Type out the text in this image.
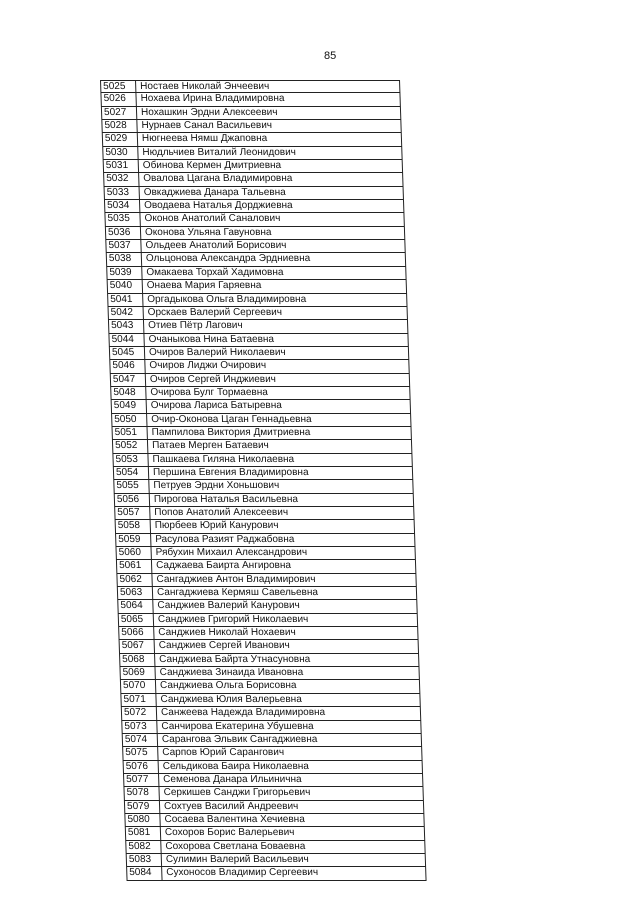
85
5025	Ностаев Николай Энчеевич
5026	Нохаева Ирина Владимировна
5027	Нохашкин Эрдни Алексеевич
5028	Нурнаев Санал Васильевич
5029	Нюгнеева Нямш Джаповна
5030	Нюдльчиев Виталий Леонидович
5031	Обинова Кермен Дмитриевна
5032	Овалова Цагана Владимировна
5033	Овкаджиева Данара Тальевна
5034	Оводаева Наталья Дорджиевна
5035	Оконов Анатолий Саналович
5036	Оконова Ульяна Гавуновна
5037	Ольдеев Анатолий Борисович
5038	Ольцонова Александра Эрдниевна
5039	Омакаева Торхай Хадимовна
5040	Онаева Мария Гаряевна
5041	Оргадыкова Ольга Владимировна
5042	Орскаев Валерий Сергеевич
5043	Отиев Пётр Лагович
5044	Очаныкова Нина Батаевна
5045	Очиров Валерий Николаевич
5046	Очиров Лиджи Очирович
5047	Очиров Сергей Инджиевич
5048	Очирова Булг Тормаевна
5049	Очирова Лариса Батыревна
5050	Очир-Оконова Цаган Геннадьевна
5051	Пампилова Виктория Дмитриевна
5052	Патаев Мерген Батаевич
5053	Пашкаева Гиляна Николаевна
5054	Першина Евгения Владимировна
5055	Петруев Эрдни Хоньшович
5056	Пирогова Наталья Васильевна
5057	Попов Анатолий Алексеевич
5058	Пюрбеев Юрий Канурович
5059	Расулова Разият Раджабовна
5060	Рябухин Михаил Александрович
5061	Саджаева Баирта Ангировна
5062	Сангаджиев Антон Владимирович
5063	Сангаджиева Кермяш Савельевна
5064	Санджиев Валерий Канурович
5065	Санджиев Григорий Николаевич
5066	Санджиев Николай Нохаевич
5067	Санджиев Сергей Иванович
5068	Санджиева Байрта Утнасуновна
5069	Санджиева Зинаида Ивановна
5070	Санджиева Ольга Борисовна
5071	Санджиева Юлия Валерьевна
5072	Санжеева Надежда Владимировна
5073	Санчирова Екатерина Убушевна
5074	Сарангова Эльвик Сангаджиевна
5075	Сарпов Юрий Сарангович
5076	Сельдикова Баира Николаевна
5077	Семенова Данара Ильинична
5078	Серкишев Санджи Григорьевич
5079	Сохтуев Василий Андреевич
5080	Сосаева Валентина Хечиевна
5081	Сохоров Борис Валерьевич
5082	Сохорова Светлана Боваевна
5083	Сулимин Валерий Васильевич
5084	Сухоносов Владимир Сергеевич
